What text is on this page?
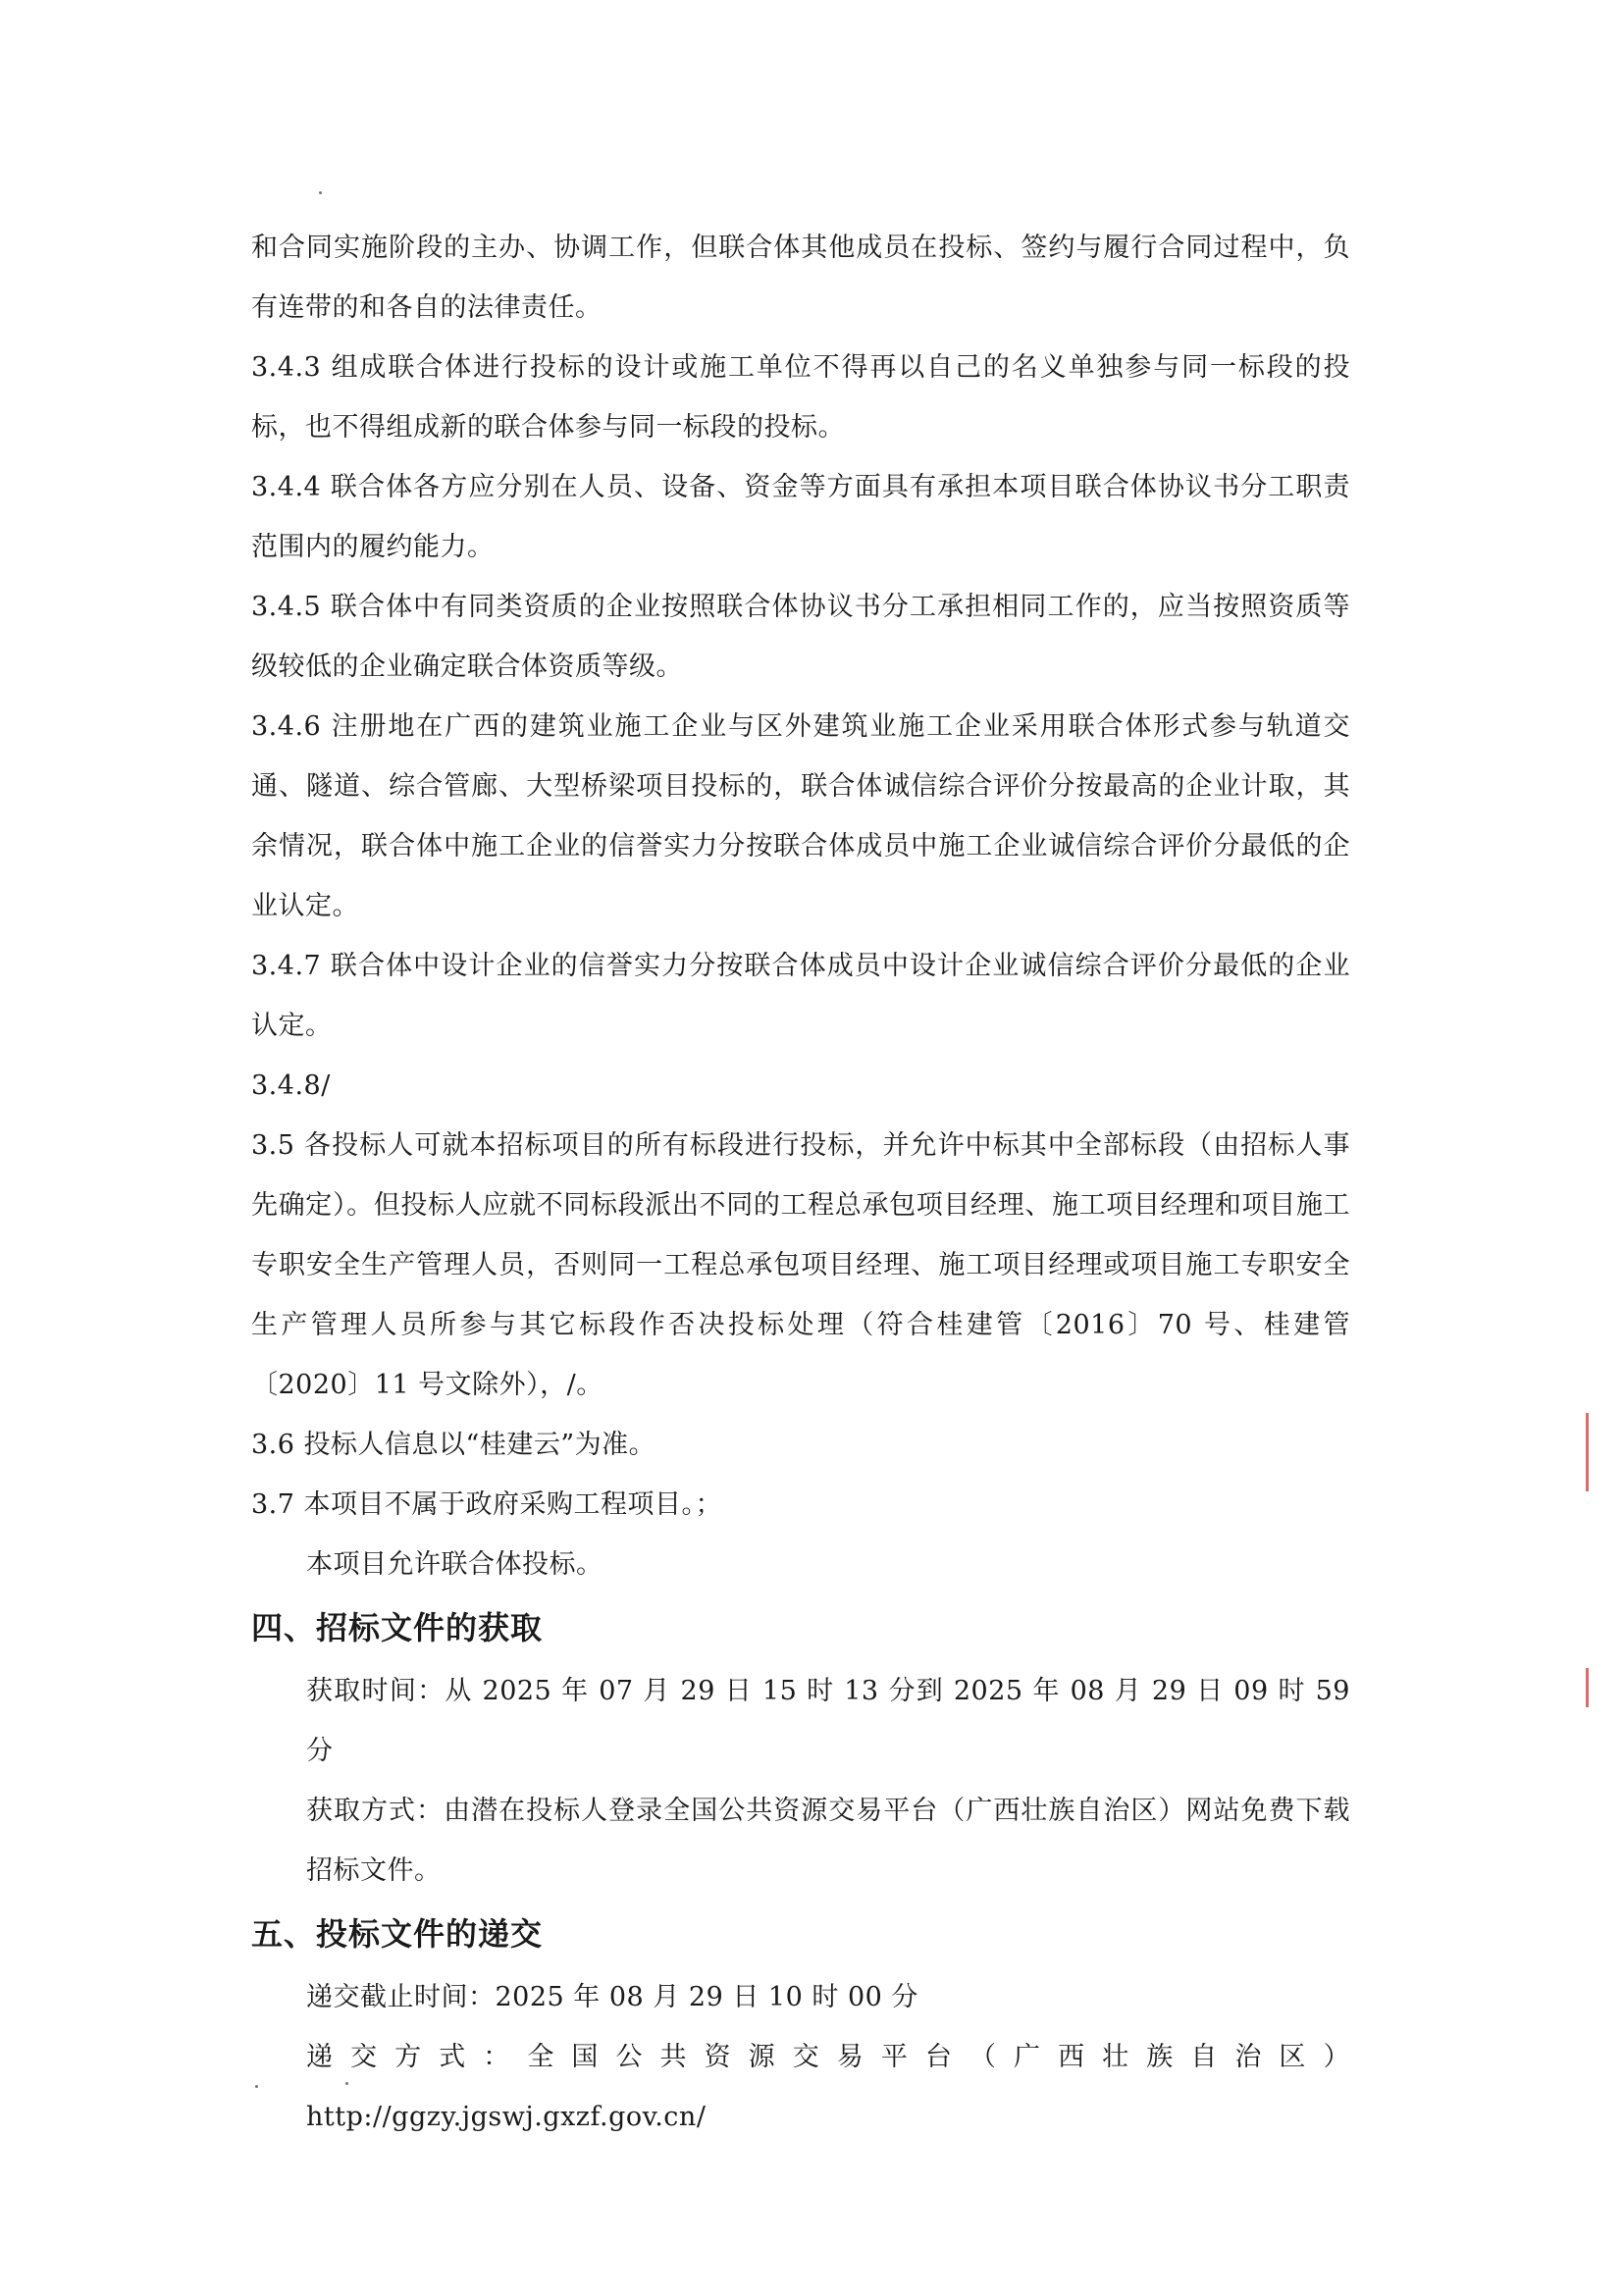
和合同实施阶段的主办、协调工作，但联合体其他成员在投标、签约与履行合同过程中，负有连带的和各自的法律责任。

3.4.3 组成联合体进行投标的设计或施工单位不得再以自己的名义单独参与同一标段的投标，也不得组成新的联合体参与同一标段的投标。

3.4.4 联合体各方应分别在人员、设备、资金等方面具有承担本项目联合体协议书分工职责范围内的履约能力。

3.4.5 联合体中有同类资质的企业按照联合体协议书分工承担相同工作的，应当按照资质等级较低的企业确定联合体资质等级。

3.4.6 注册地在广西的建筑业施工企业与区外建筑业施工企业采用联合体形式参与轨道交通、隧道、综合管廊、大型桥梁项目投标的，联合体诚信综合评价分按最高的企业计取，其余情况，联合体中施工企业的信誉实力分按联合体成员中施工企业诚信综合评价分最低的企业认定。

3.4.7 联合体中设计企业的信誉实力分按联合体成员中设计企业诚信综合评价分最低的企业认定。

3.4.8/

3.5 各投标人可就本招标项目的所有标段进行投标，并允许中标其中全部标段（由招标人事先确定）。但投标人应就不同标段派出不同的工程总承包项目经理、施工项目经理和项目施工专职安全生产管理人员，否则同一工程总承包项目经理、施工项目经理或项目施工专职安全生产管理人员所参与其它标段作否决投标处理（符合桂建管〔2016〕70 号、桂建管〔2020〕11 号文除外），/。

3.6 投标人信息以“桂建云”为准。

3.7 本项目不属于政府采购工程项目。；

本项目允许联合体投标。

四、招标文件的获取

获取时间：从 2025 年 07 月 29 日 15 时 13 分到 2025 年 08 月 29 日 09 时 59 分

获取方式：由潜在投标人登录全国公共资源交易平台（广西壮族自治区）网站免费下载招标文件。

五、投标文件的递交

递交截止时间：2025 年 08 月 29 日 10 时 00 分

递交方式：全国公共资源交易平台（广西壮族自治区）http://ggzy.jgswj.gxzf.gov.cn/
